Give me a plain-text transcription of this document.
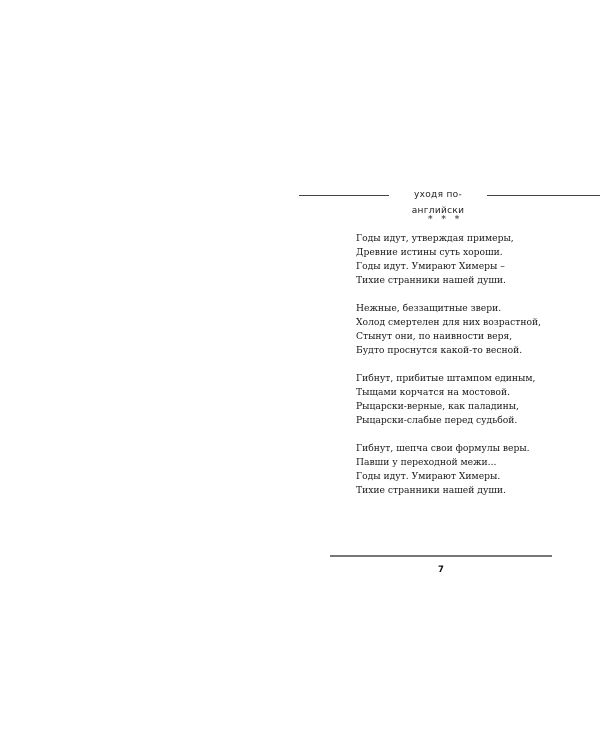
уходя по-английски
* * *
Годы идут, утверждая примеры,
Древние истины суть хороши.
Годы идут. Умирают Химеры –
Тихие странники нашей души.
Нежные, беззащитные звери.
Холод смертелен для них возрастной,
Стынут они, по наивности веря,
Будто проснутся какой-то весной.
Гибнут, прибитые штампом единым,
Тыщами корчатся на мостовой.
Рыцарски-верные, как паладины,
Рыцарски-слабые перед судьбой.
Гибнут, шепча свои формулы веры.
Павши у переходной межи...
Годы идут. Умирают Химеры.
Тихие странники нашей души.
7
